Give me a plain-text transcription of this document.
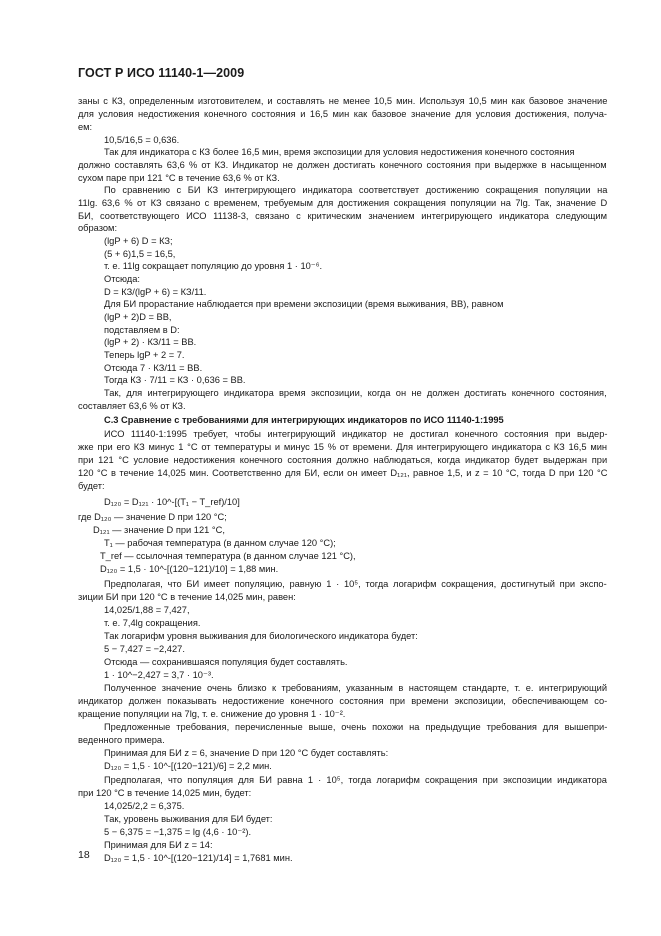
ГОСТ Р ИСО 11140-1—2009
заны с КЗ, определенным изготовителем, и составлять не менее 10,5 мин. Используя 10,5 мин как базовое значение
для условия недостижения конечного состояния и 16,5 мин как базовое значение для условия достижения, получа-
ем:
10,5/16,5 = 0,636.
Так для индикатора с КЗ более 16,5 мин, время экспозиции для условия недостижения конечного состояния
должно составлять 63,6 % от КЗ. Индикатор не должен достигать конечного состояния при выдержке в насыщенном
сухом паре при 121 °С в течение 63,6 % от КЗ.
По сравнению с БИ КЗ интегрирующего индикатора соответствует достижению сокращения популяции на
11lg. 63,6 % от КЗ связано с временем, требуемым для достижения сокращения популяции на 7lg. Так, значение D
БИ, соответствующего ИСО 11138-3, связано с критическим значением интегрирующего индикатора следующим
образом:
(lgP + 6) D = КЗ;
(5 + 6)1,5 = 16,5,
т. е. 11lg сокращает популяцию до уровня 1 · 10⁻⁶.
Отсюда:
D = КЗ/(lgP + 6) = КЗ/11.
Для БИ прорастание наблюдается при времени экспозиции (время выживания, ВВ), равном
(lgP + 2)D = ВВ,
подставляем в D:
(lgP + 2) · КЗ/11 = ВВ.
Теперь lgP + 2 = 7.
Отсюда 7 · КЗ/11 = ВВ.
Тогда КЗ · 7/11 = КЗ · 0,636 = ВВ.
Так, для интегрирующего индикатора время экспозиции, когда он не должен достигать конечного состояния,
составляет 63,6 % от КЗ.
С.3 Сравнение с требованиями для интегрирующих индикаторов по ИСО 11140-1:1995
ИСО 11140-1:1995 требует, чтобы интегрирующий индикатор не достигал конечного состояния при выдер-
жке при его КЗ минус 1 °С от температуры и минус 15 % от времени. Для интегрирующего индикатора с КЗ 16,5 мин
при 121 °С условие недостижения конечного состояния должно наблюдаться, когда индикатор будет выдержан при
120 °С в течение 14,025 мин. Соответственно для БИ, если он имеет D₁₂₁, равное 1,5, и z = 10 °С, тогда D при 120 °С
будет:
D₁₂₀ = D₁₂₁ · 10^-[(T₁ − T_ref)/10]
где D₁₂₀ — значение D при 120 °С;
D₁₂₁ — значение D при 121 °С,
T₁ — рабочая температура (в данном случае 120 °С);
T_ref — ссылочная температура (в данном случае 121 °С),
D₁₂₀ = 1,5 · 10^-[(120−121)/10] = 1,88 мин.
Предполагая, что БИ имеет популяцию, равную 1 · 10⁵, тогда логарифм сокращения, достигнутый при экспо-
зиции БИ при 120 °С в течение 14,025 мин, равен:
14,025/1,88 = 7,427,
т. е. 7,4lg сокращения.
Так логарифм уровня выживания для биологического индикатора будет:
5 − 7,427 = −2,427.
Отсюда — сохранившаяся популяция будет составлять.
1 · 10^−2,427 = 3,7 · 10⁻³.
Полученное значение очень близко к требованиям, указанным в настоящем стандарте, т. е. интегрирующий
индикатор должен показывать недостижение конечного состояния при времени экспозиции, обеспечивающем со-
кращение популяции на 7lg, т. е. снижение до уровня 1 · 10⁻².
Предложенные требования, перечисленные выше, очень похожи на предыдущие требования для вышепри-
веденного примера.
Принимая для БИ z = 6, значение D при 120 °С будет составлять:
D₁₂₀ = 1,5 · 10^-[(120−121)/6] = 2,2 мин.
Предполагая, что популяция для БИ равна 1 · 10⁵, тогда логарифм сокращения при экспозиции индикатора
при 120 °С в течение 14,025 мин, будет:
14,025/2,2 = 6,375.
Так, уровень выживания для БИ будет:
5 − 6,375 = −1,375 = lg (4,6 · 10⁻²).
Принимая для БИ z = 14:
D₁₂₀ = 1,5 · 10^-[(120−121)/14] = 1,7681 мин.
18
